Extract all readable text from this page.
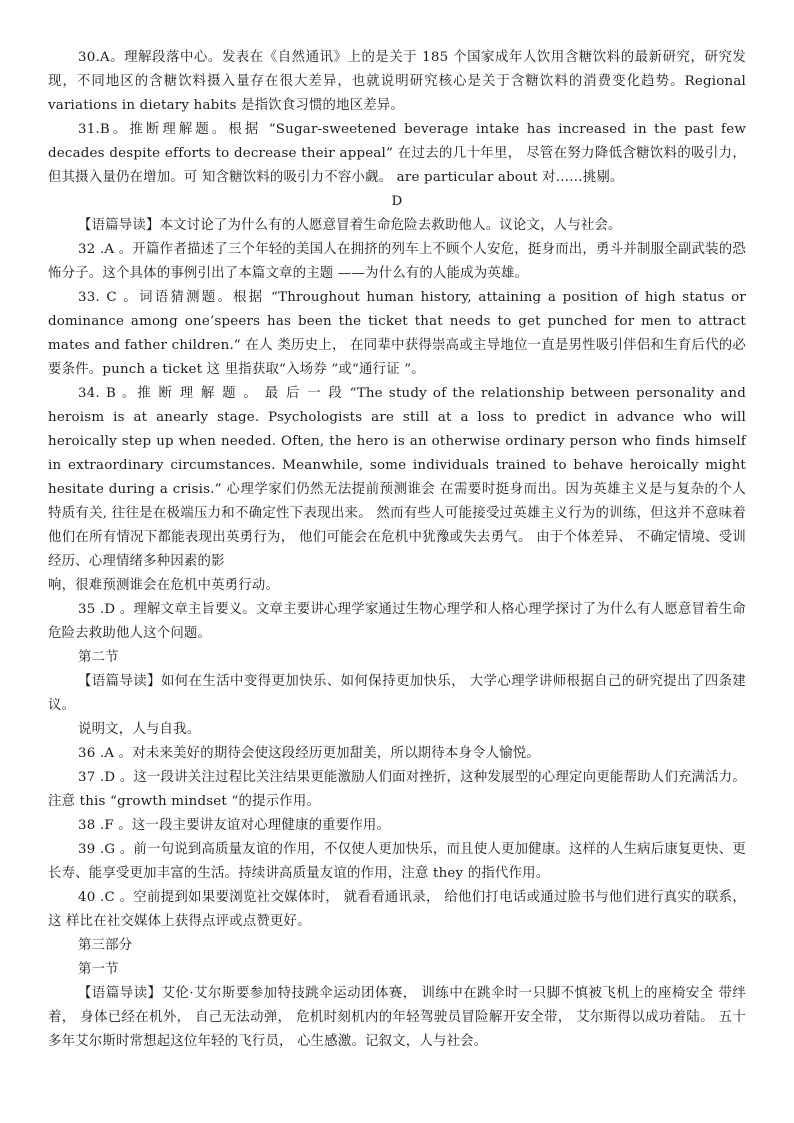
30.A。理解段落中心。发表在《自然通讯》上的是关于 185 个国家成年人饮用含糖饮料的最新研究，研究发现，不同地区的含糖饮料摄入量存在很大差异，也就说明研究核心是关于含糖饮料的消费变化趋势。Regional variations in dietary habits 是指饮食习惯的地区差异。

31.B。推断理解题。根据 “Sugar-sweetened beverage intake has increased in the past few decades despite efforts to decrease their appeal” 在过去的几十年里， 尽管在努力降低含糖饮料的吸引力，但其摄入量仍在增加。可 知含糖饮料的吸引力不容小觑。 are particular about 对……挑剔。

D

【语篇导读】本文讨论了为什么有的人愿意冒着生命危险去救助他人。议论文，人与社会。

32 .A 。开篇作者描述了三个年轻的美国人在拥挤的列车上不顾个人安危，挺身而出，勇斗并制服全副武装的恐怖分子。这个具体的事例引出了本篇文章的主题 ——为什么有的人能成为英雄。

33. C 。词语猜测题。根据 “Throughout human history, attaining a position of high status or dominance among one’speers has been the ticket that needs to get punched for men to attract mates and father children.” 在人 类历史上， 在同辈中获得崇高或主导地位一直是男性吸引伴侣和生育后代的必要条件。punch a ticket 这 里指获取“入场券 ”或“通行证 ”。

34. B 。推 断 理 解 题 。 最 后 一 段 “The study of the relationship between personality and heroism is at anearly stage. Psychologists are still at a loss to predict in advance who will heroically step up when needed. Often, the hero is an otherwise ordinary person who finds himself in extraordinary circumstances. Meanwhile, some individuals trained to behave heroically might hesitate during a crisis.” 心理学家们仍然无法提前预测谁会 在需要时挺身而出。因为英雄主义是与复杂的个人特质有关, 往往是在极端压力和不确定性下表现出来。 然而有些人可能接受过英雄主义行为的训练，但这并不意味着他们在所有情况下都能表现出英勇行为， 他们可能会在危机中犹豫或失去勇气。 由于个体差异、 不确定情境、受训经历、心理情绪多种因素的影

响，很难预测谁会在危机中英勇行动。

35 .D 。理解文章主旨要义。文章主要讲心理学家通过生物心理学和人格心理学探讨了为什么有人愿意冒着生命危险去救助他人这个问题。

第二节

【语篇导读】如何在生活中变得更加快乐、如何保持更加快乐， 大学心理学讲师根据自己的研究提出了四条建议。

说明文，人与自我。

36 .A 。对未来美好的期待会使这段经历更加甜美，所以期待本身令人愉悦。

37 .D 。这一段讲关注过程比关注结果更能激励人们面对挫折，这种发展型的心理定向更能帮助人们充满活力。注意 this “growth mindset ”的提示作用。

38 .F 。这一段主要讲友谊对心理健康的重要作用。

39 .G 。前一句说到高质量友谊的作用，不仅使人更加快乐，而且使人更加健康。这样的人生病后康复更快、更长寿、能享受更加丰富的生活。持续讲高质量友谊的作用，注意 they 的指代作用。

40 .C 。空前提到如果要浏览社交媒体时， 就看看通讯录， 给他们打电话或通过脸书与他们进行真实的联系， 这 样比在社交媒体上获得点评或点赞更好。

第三部分

第一节

【语篇导读】艾伦·艾尔斯要参加特技跳伞运动团体赛， 训练中在跳伞时一只脚不慎被飞机上的座椅安全 带绊着， 身体已经在机外， 自己无法动弹， 危机时刻机内的年轻驾驶员冒险解开安全带， 艾尔斯得以成功着陆。 五十多年艾尔斯时常想起这位年轻的飞行员， 心生感激。记叙文，人与社会。
